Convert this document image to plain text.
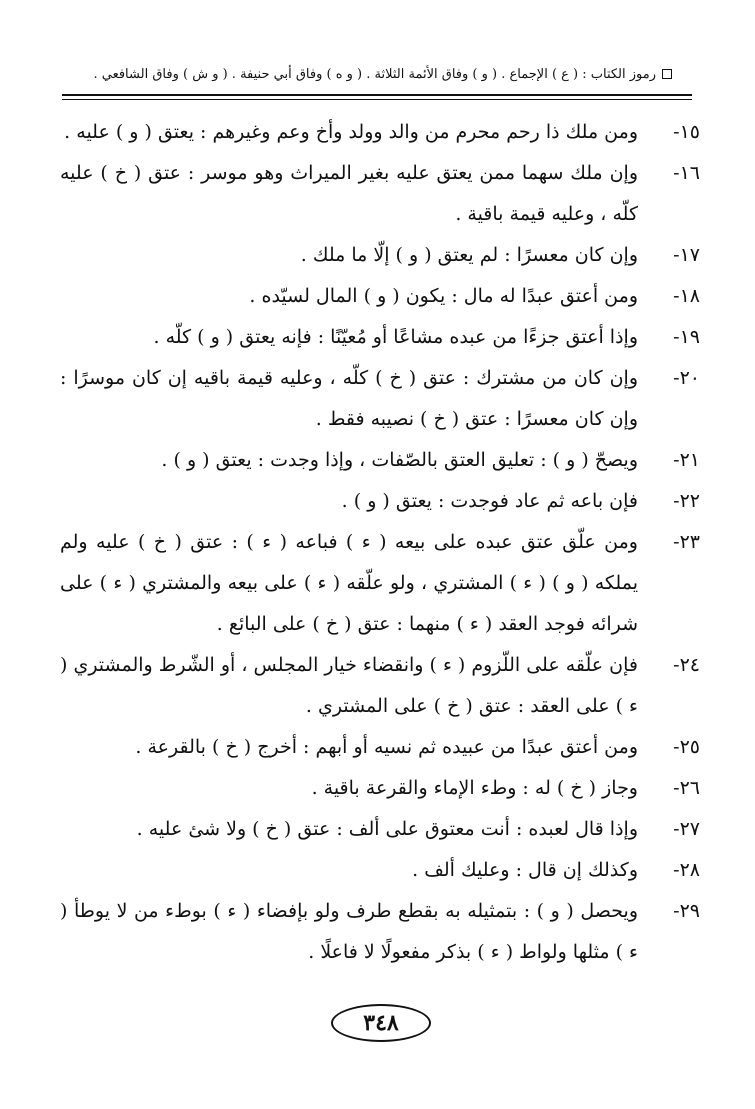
رموز الكتاب : ( ع ) الإجماع . ( و ) وفاق الأئمة الثلاثة . ( و ه ) وفاق أبي حنيفة . ( و ش ) وفاق الشافعي .
١٥-
ومن ملك ذا رحم محرم من والد وولد وأخ وعم وغيرهم : يعتق ( و ) عليه .
١٦-
وإن ملك سهما ممن يعتق عليه بغير الميراث وهو موسر : عتق ( خ ) عليه كلّه ، وعليه قيمة باقية .
١٧-
وإن كان معسرًا : لم يعتق ( و ) إلّا ما ملك .
١٨-
ومن أعتق عبدًا له مال : يكون ( و ) المال لسيّده .
١٩-
وإذا أعتق جزءًا من عبده مشاعًا أو مُعيّنًا : فإنه يعتق ( و ) كلّه .
٢٠-
وإن كان من مشترك : عتق ( خ ) كلّه ، وعليه قيمة باقيه إن كان موسرًا : وإن كان معسرًا : عتق ( خ ) نصيبه فقط .
٢١-
ويصحّ ( و ) : تعليق العتق بالصّفات ، وإذا وجدت : يعتق ( و ) .
٢٢-
فإن باعه ثم عاد فوجدت : يعتق ( و ) .
٢٣-
ومن علّق عتق عبده على بيعه ( ء ) فباعه ( ء ) : عتق ( خ ) عليه ولم يملكه ( و ) ( ء ) المشتري ، ولو علّقه ( ء ) على بيعه والمشتري ( ء ) على شرائه فوجد العقد ( ء ) منهما : عتق ( خ ) على البائع .
٢٤-
فإن علّقه على اللّزوم ( ء ) وانقضاء خيار المجلس ، أو الشّرط والمشتري ( ء ) على العقد : عتق ( خ ) على المشتري .
٢٥-
ومن أعتق عبدًا من عبيده ثم نسيه أو أبهم : أخرج ( خ ) بالقرعة .
٢٦-
وجاز ( خ ) له : وطء الإماء والقرعة باقية .
٢٧-
وإذا قال لعبده : أنت معتوق على ألف : عتق ( خ ) ولا شئ عليه .
٢٨-
وكذلك إن قال : وعليك ألف .
٢٩-
ويحصل ( و ) : بتمثيله به بقطع طرف ولو بإفضاء ( ء ) بوطء من لا يوطأ ( ء ) مثلها ولواط ( ء ) بذكر مفعولًا لا فاعلًا .
٣٤٨
